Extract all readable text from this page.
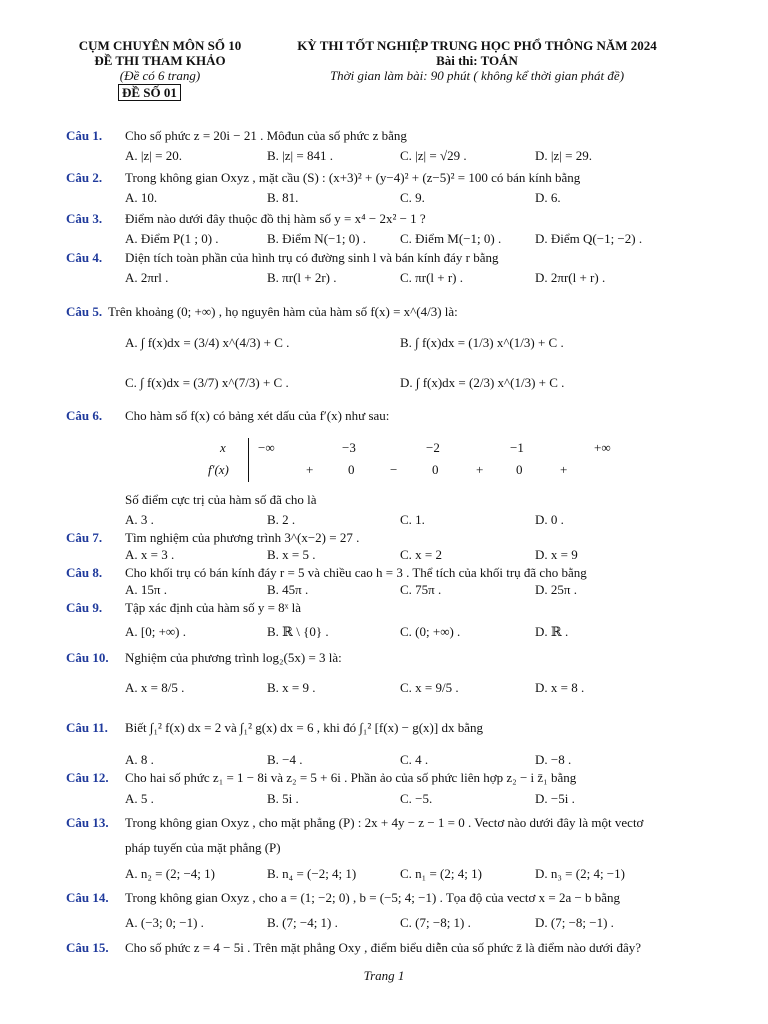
CỤM CHUYÊN MÔN SỐ 10
ĐỀ THI THAM KHẢO
(Đề có 6 trang)
ĐỀ SỐ 01
KỲ THI TỐT NGHIỆP TRUNG HỌC PHỔ THÔNG NĂM 2024
Bài thi: TOÁN
Thời gian làm bài: 90 phút ( không kể thời gian phát đề)
Câu 1. Cho số phức z = 20i − 21 . Môđun của số phức z bằng
A. |z| = 20.	B. |z| = 841 .	C. |z| = √29 .	D. |z| = 29.
Câu 2. Trong không gian Oxyz , mặt cầu (S) : (x+3)² + (y−4)² + (z−5)² = 100 có bán kính bằng
A. 10.	B. 81.	C. 9.	D. 6.
Câu 3. Điểm nào dưới đây thuộc đồ thị hàm số y = x⁴ − 2x² − 1 ?
A. Điểm P(1 ; 0) .	B. Điểm N(−1; 0) .	C. Điểm M(−1; 0) .	D. Điểm Q(−1; −2) .
Câu 4. Diện tích toàn phần của hình trụ có đường sinh l và bán kính đáy r bằng
A. 2πrl .	B. πr(l + 2r) .	C. πr(l + r) .	D. 2πr(l + r) .
Câu 5. Trên khoảng (0; +∞) , họ nguyên hàm của hàm số f(x) = x^(4/3) là:
A. ∫ f(x)dx = (3/4) x^(4/3) + C .	B. ∫ f(x)dx = (1/3) x^(1/3) + C .
C. ∫ f(x)dx = (3/7) x^(7/3) + C .	D. ∫ f(x)dx = (2/3) x^(1/3) + C .
Câu 6. Cho hàm số f(x) có bảng xét dấu của f′(x) như sau:
Số điểm cực trị của hàm số đã cho là
A. 3 .	B. 2 .	C. 1.	D. 0 .
Câu 7. Tìm nghiệm của phương trình 3^(x−2) = 27 .
A. x = 3 .	B. x = 5 .	C. x = 2	D. x = 9
Câu 8. Cho khối trụ có bán kính đáy r = 5 và chiều cao h = 3 . Thể tích của khối trụ đã cho bằng
A. 15π .	B. 45π .	C. 75π .	D. 25π .
Câu 9. Tập xác định của hàm số y = 8ˣ là
A. [0; +∞) .	B. ℝ \ {0} .	C. (0; +∞) .	D. ℝ .
Câu 10. Nghiệm của phương trình log₂(5x) = 3 là:
A. x = 8/5 .	B. x = 9 .	C. x = 9/5 .	D. x = 8 .
Câu 11. Biết ∫₁² f(x) dx = 2 và ∫₁² g(x) dx = 6 , khi đó ∫₁² [f(x) − g(x)] dx bằng
A. 8 .	B. −4 .	C. 4 .	D. −8 .
Câu 12. Cho hai số phức z₁ = 1 − 8i và z₂ = 5 + 6i . Phần ảo của số phức liên hợp z₂ − i z̄₁ bằng
A. 5 .	B. 5i .	C. −5.	D. −5i .
Câu 13. Trong không gian Oxyz , cho mặt phẳng (P) : 2x + 4y − z − 1 = 0 . Vectơ nào dưới đây là một vectơ
pháp tuyến của mặt phẳng (P)
A. n₂ = (2; −4; 1)	B. n₄ = (−2; 4; 1)	C. n₁ = (2; 4; 1)	D. n₃ = (2; 4; −1)
Câu 14. Trong không gian Oxyz , cho a = (1; −2; 0) , b = (−5; 4; −1) . Tọa độ của vectơ x = 2a − b bằng
A. (−3; 0; −1) .	B. (7; −4; 1) .	C. (7; −8; 1) .	D. (7; −8; −1) .
Câu 15. Cho số phức z = 4 − 5i . Trên mặt phẳng Oxy , điểm biểu diễn của số phức z̄ là điểm nào dưới đây?
x −∞	−3	−2	−1	+∞
f′(x)	+	0	−	0	+	0	+
Trang 1
